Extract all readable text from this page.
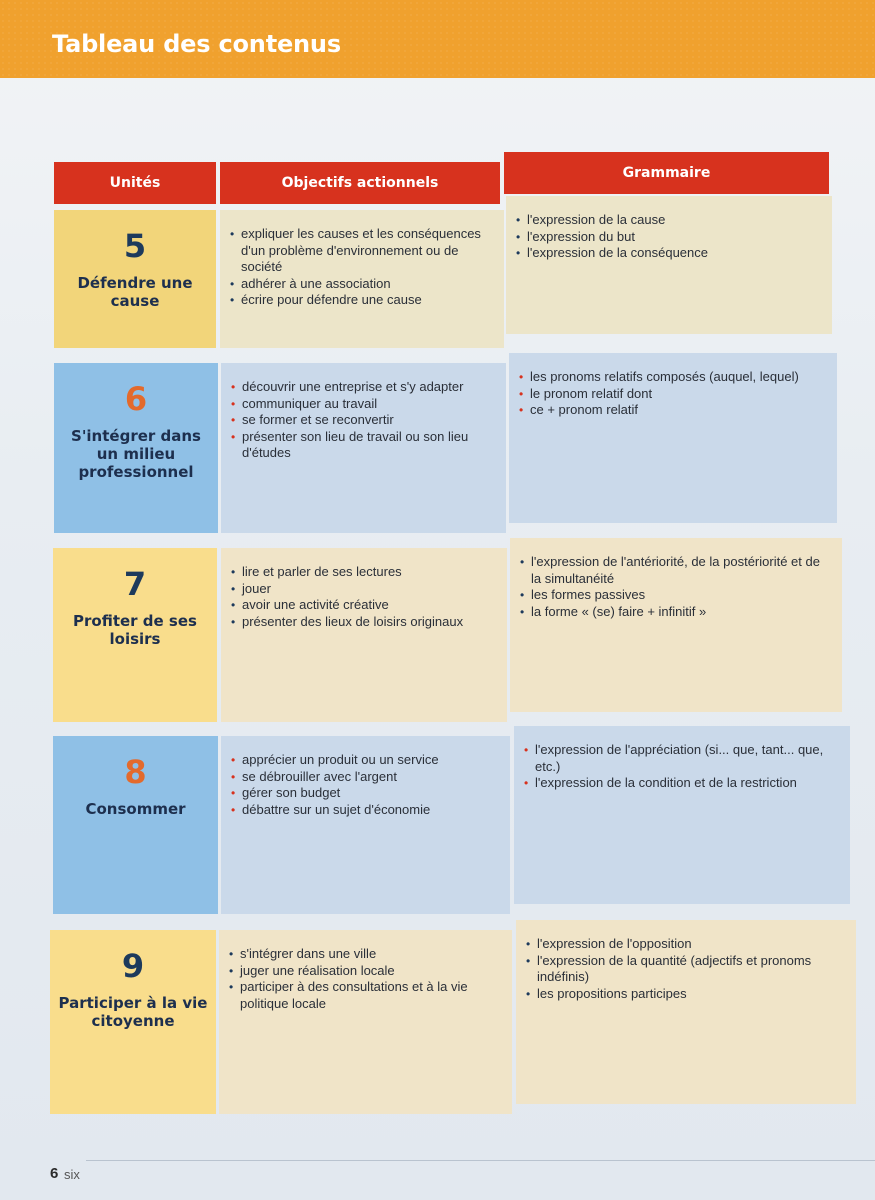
Tableau des contenus
Unités	Objectifs actionnels
Grammaire
5
Défendre une cause
• expliquer les causes et les conséquences d'un problème d'environnement ou de société
• adhérer à une association
• écrire pour défendre une cause
• l'expression de la cause
• l'expression du but
• l'expression de la conséquence
6
S'intégrer dans un milieu professionnel
• découvrir une entreprise et s'y adapter
• communiquer au travail
• se former et se reconvertir
• présenter son lieu de travail ou son lieu d'études
• les pronoms relatifs composés (auquel, lequel)
• le pronom relatif dont
• ce + pronom relatif
7
Profiter de ses loisirs
• lire et parler de ses lectures
• jouer
• avoir une activité créative
• présenter des lieux de loisirs originaux
• l'expression de l'antériorité, de la postériorité et de la simultanéité
• les formes passives
• la forme « (se) faire + infinitif »
8
Consommer
• apprécier un produit ou un service
• se débrouiller avec l'argent
• gérer son budget
• débattre sur un sujet d'économie
• l'expression de l'appréciation (si... que, tant... que, etc.)
• l'expression de la condition et de la restriction
9
Participer à la vie citoyenne
• s'intégrer dans une ville
• juger une réalisation locale
• participer à des consultations et à la vie politique locale
• l'expression de l'opposition
• l'expression de la quantité (adjectifs et pronoms indéfinis)
• les propositions participes
6 six
